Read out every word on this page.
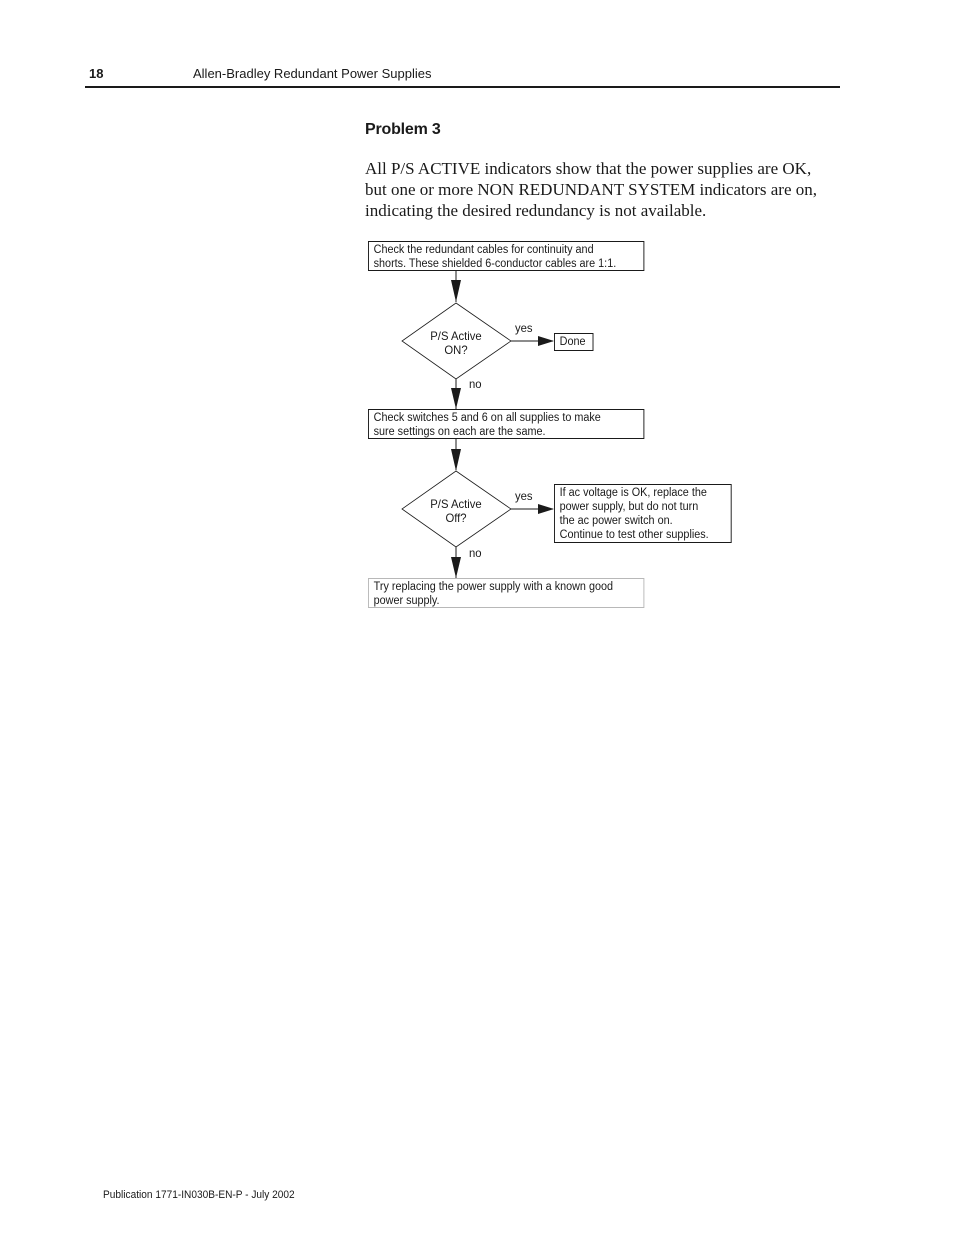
18	Allen-Bradley Redundant Power Supplies
Problem 3

All P/S ACTIVE indicators show that the power supplies are OK, but one or more NON REDUNDANT SYSTEM indicators are on, indicating the desired redundancy is not available.

Check the redundant cables for continuity and
shorts. These shielded 6-conductor cables are 1:1.
P/S Active
ON?
yes
no
Done
Check switches 5 and 6 on all supplies to make
sure settings on each are the same.
P/S Active
Off?
yes
no
If ac voltage is OK, replace the
power supply, but do not turn
the ac power switch on.
Continue to test other supplies.
Try replacing the power supply with a known good
power supply.
Publication 1771-IN030B-EN-P - July 2002
